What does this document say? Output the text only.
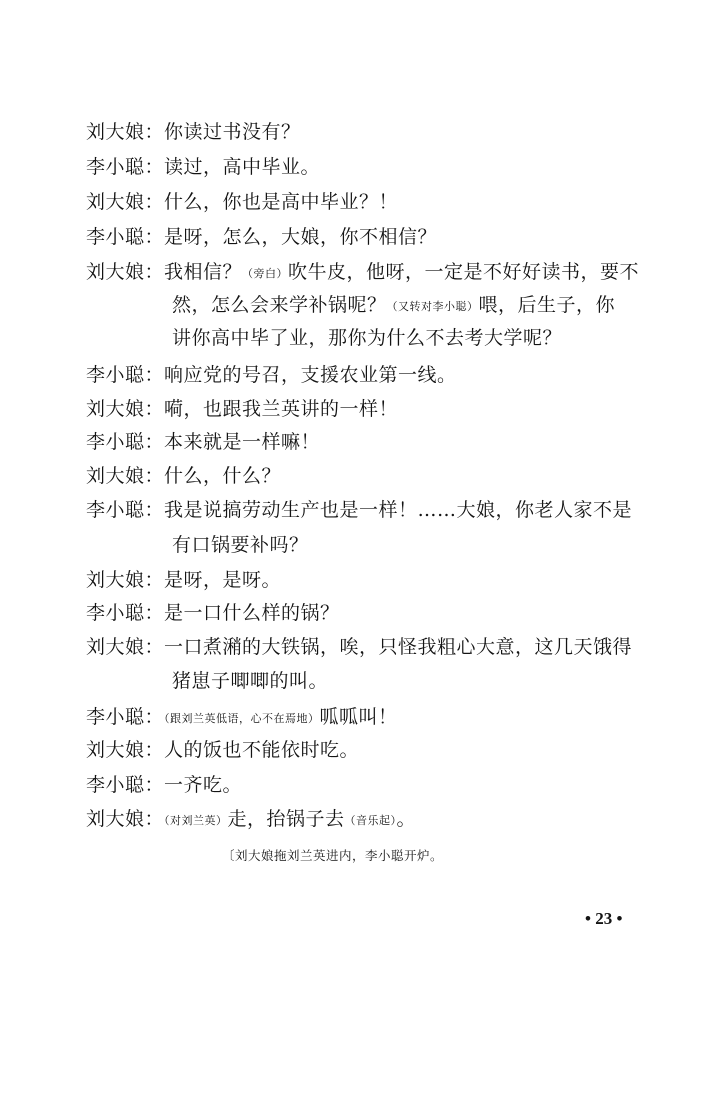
刘大娘：你读过书没有？
李小聪：读过，高中毕业。
刘大娘：什么，你也是高中毕业？！
李小聪：是呀，怎么，大娘，你不相信？
刘大娘：我相信？（旁白）吹牛皮，他呀，一定是不好好读书，要不
然，怎么会来学补锅呢？（又转对李小聪）喂，后生子，你
讲你高中毕了业，那你为什么不去考大学呢？
李小聪：响应党的号召，支援农业第一线。
刘大娘：嗬，也跟我兰英讲的一样！
李小聪：本来就是一样嘛！
刘大娘：什么，什么？
李小聪：我是说搞劳动生产也是一样！……大娘，你老人家不是
有口锅要补吗？
刘大娘：是呀，是呀。
李小聪：是一口什么样的锅？
刘大娘：一口煮潲的大铁锅，唉，只怪我粗心大意，这几天饿得
猪崽子唧唧的叫。
李小聪：（跟刘兰英低语，心不在焉地）呱呱叫！
刘大娘：人的饭也不能依时吃。
李小聪：一齐吃。
刘大娘：（对刘兰英）走，抬锅子去（音乐起）。
〔刘大娘拖刘兰英进内，李小聪开炉。
• 23 •
